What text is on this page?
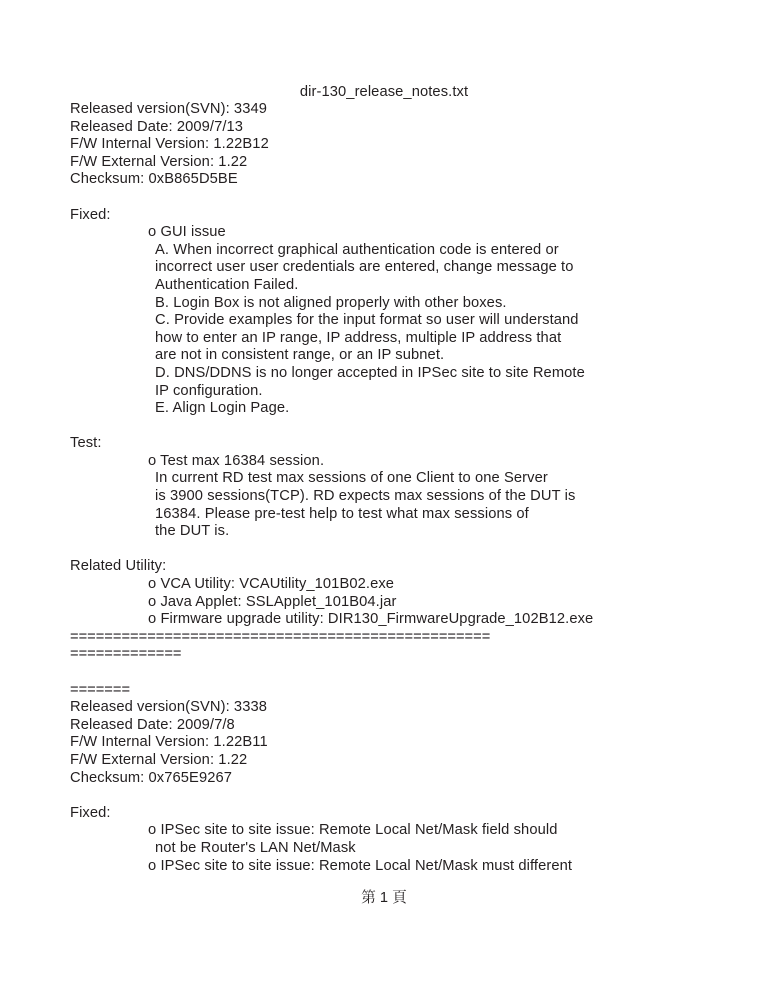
dir-130_release_notes.txt
Released version(SVN): 3349
Released Date: 2009/7/13
F/W Internal Version: 1.22B12
F/W External Version: 1.22
Checksum: 0xB865D5BE
Fixed:
o GUI issue
A. When incorrect graphical authentication code is entered or
incorrect user user credentials are entered, change message to
Authentication Failed.
B. Login Box is not aligned properly with other boxes.
C. Provide examples for the input format so user will understand
how to enter an IP range, IP address, multiple IP address that
are not in consistent range, or an IP subnet.
D. DNS/DDNS is no longer accepted in IPSec site to site Remote
IP configuration.
E. Align Login Page.
Test:
o Test max 16384 session.
In current RD test max sessions of one Client to one Server
is 3900 sessions(TCP). RD expects max sessions of the DUT is
16384. Please pre-test help to test what max sessions of
the DUT is.
Related Utility:
o VCA Utility: VCAUtility_101B02.exe
o Java Applet: SSLApplet_101B04.jar
o Firmware upgrade utility: DIR130_FirmwareUpgrade_102B12.exe
=================================================
=============
=======
Released version(SVN): 3338
Released Date: 2009/7/8
F/W Internal Version: 1.22B11
F/W External Version: 1.22
Checksum: 0x765E9267
Fixed:
o IPSec site to site issue: Remote Local Net/Mask field should
not be Router's LAN Net/Mask
o IPSec site to site issue: Remote Local Net/Mask must different
第 1 頁
